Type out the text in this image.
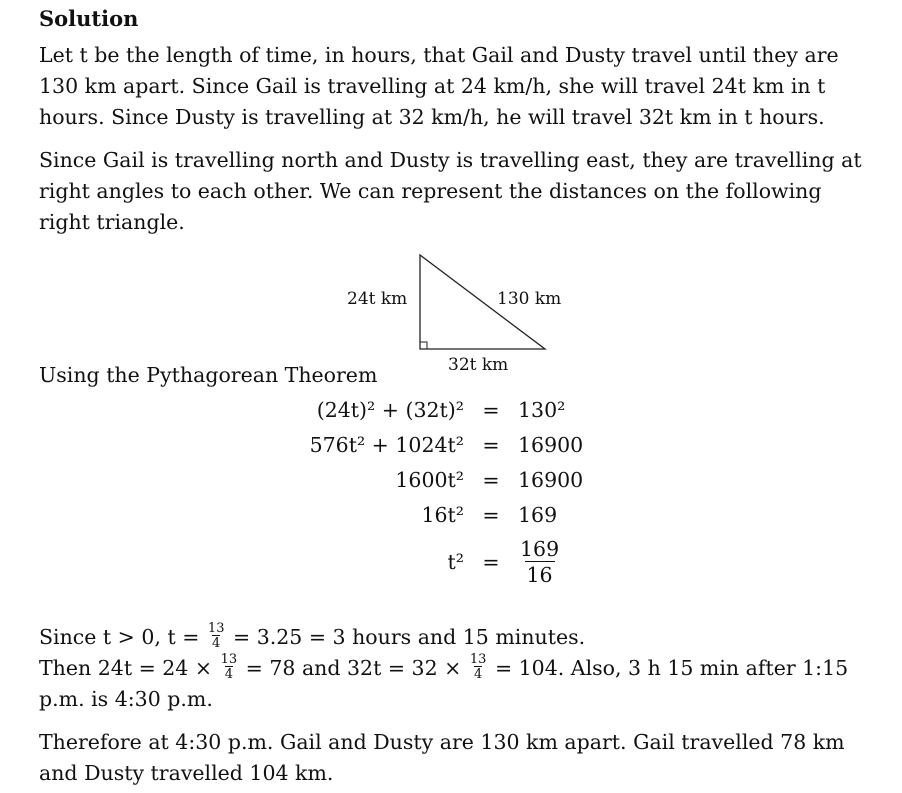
Solution

Let t be the length of time, in hours, that Gail and Dusty travel until they are
130 km apart. Since Gail is travelling at 24 km/h, she will travel 24t km in t
hours. Since Dusty is travelling at 32 km/h, he will travel 32t km in t hours.

Since Gail is travelling north and Dusty is travelling east, they are travelling at
right angles to each other. We can represent the distances on the following
right triangle.

24t km	130 km
32t km
Using the Pythagorean Theorem
(24t)² + (32t)² = 130²
576t² + 1024t² = 16900
1600t² = 16900
16t² = 169
$t^2 = \frac{169}{16}$

Since t > 0, $t = \frac{13}{4} = 3.25 = 3$ hours and 15 minutes.

Then $24t = 24 \times \frac{13}{4} = 78$ and $32t = 32 \times \frac{13}{4} = 104$. Also, 3 h 15 min after 1:15
p.m. is 4:30 p.m.

Therefore at 4:30 p.m. Gail and Dusty are 130 km apart. Gail travelled 78 km
and Dusty travelled 104 km.
